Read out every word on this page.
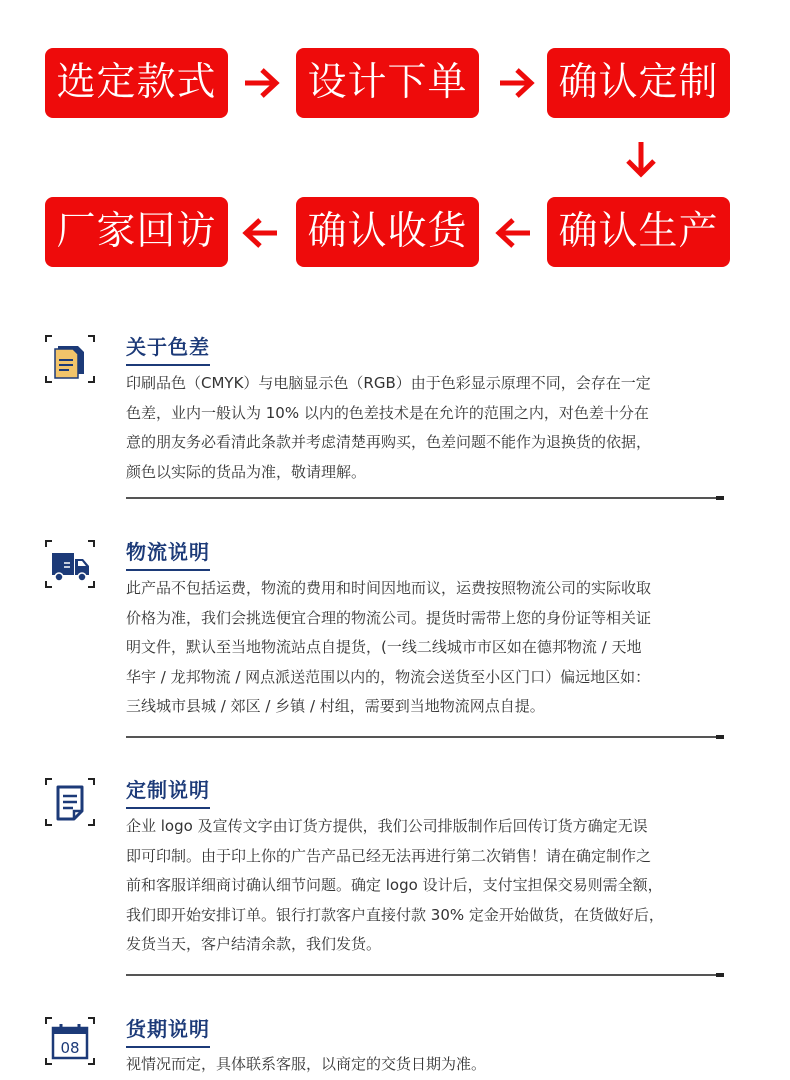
选定款式 设计下单 确认定制
确认生产
确认收货
厂家回访
关于色差

印刷品色（CMYK）与电脑显示色（RGB）由于色彩显示原理不同，会存在一定

色差，业内一般认为 10% 以内的色差技术是在允许的范围之内，对色差十分在

意的朋友务必看清此条款并考虑清楚再购买，色差问题不能作为退换货的依据，

颜色以实际的货品为准，敬请理解。

物流说明

此产品不包括运费，物流的费用和时间因地而议，运费按照物流公司的实际收取

价格为准，我们会挑选便宜合理的物流公司。提货时需带上您的身份证等相关证

明文件，默认至当地物流站点自提货，(一线二线城市市区如在德邦物流 / 天地

华宇 / 龙邦物流 / 网点派送范围以内的，物流会送货至小区门口）偏远地区如：

三线城市县城 / 郊区 / 乡镇 / 村组，需要到当地物流网点自提。

定制说明

企业 logo 及宣传文字由订货方提供，我们公司排版制作后回传订货方确定无误

即可印制。由于印上你的广告产品已经无法再进行第二次销售！请在确定制作之

前和客服详细商讨确认细节问题。确定 logo 设计后，支付宝担保交易则需全额，

我们即开始安排订单。银行打款客户直接付款 30% 定金开始做货，在货做好后，

发货当天，客户结清余款，我们发货。

08
货期说明

视情况而定，具体联系客服，以商定的交货日期为准。
